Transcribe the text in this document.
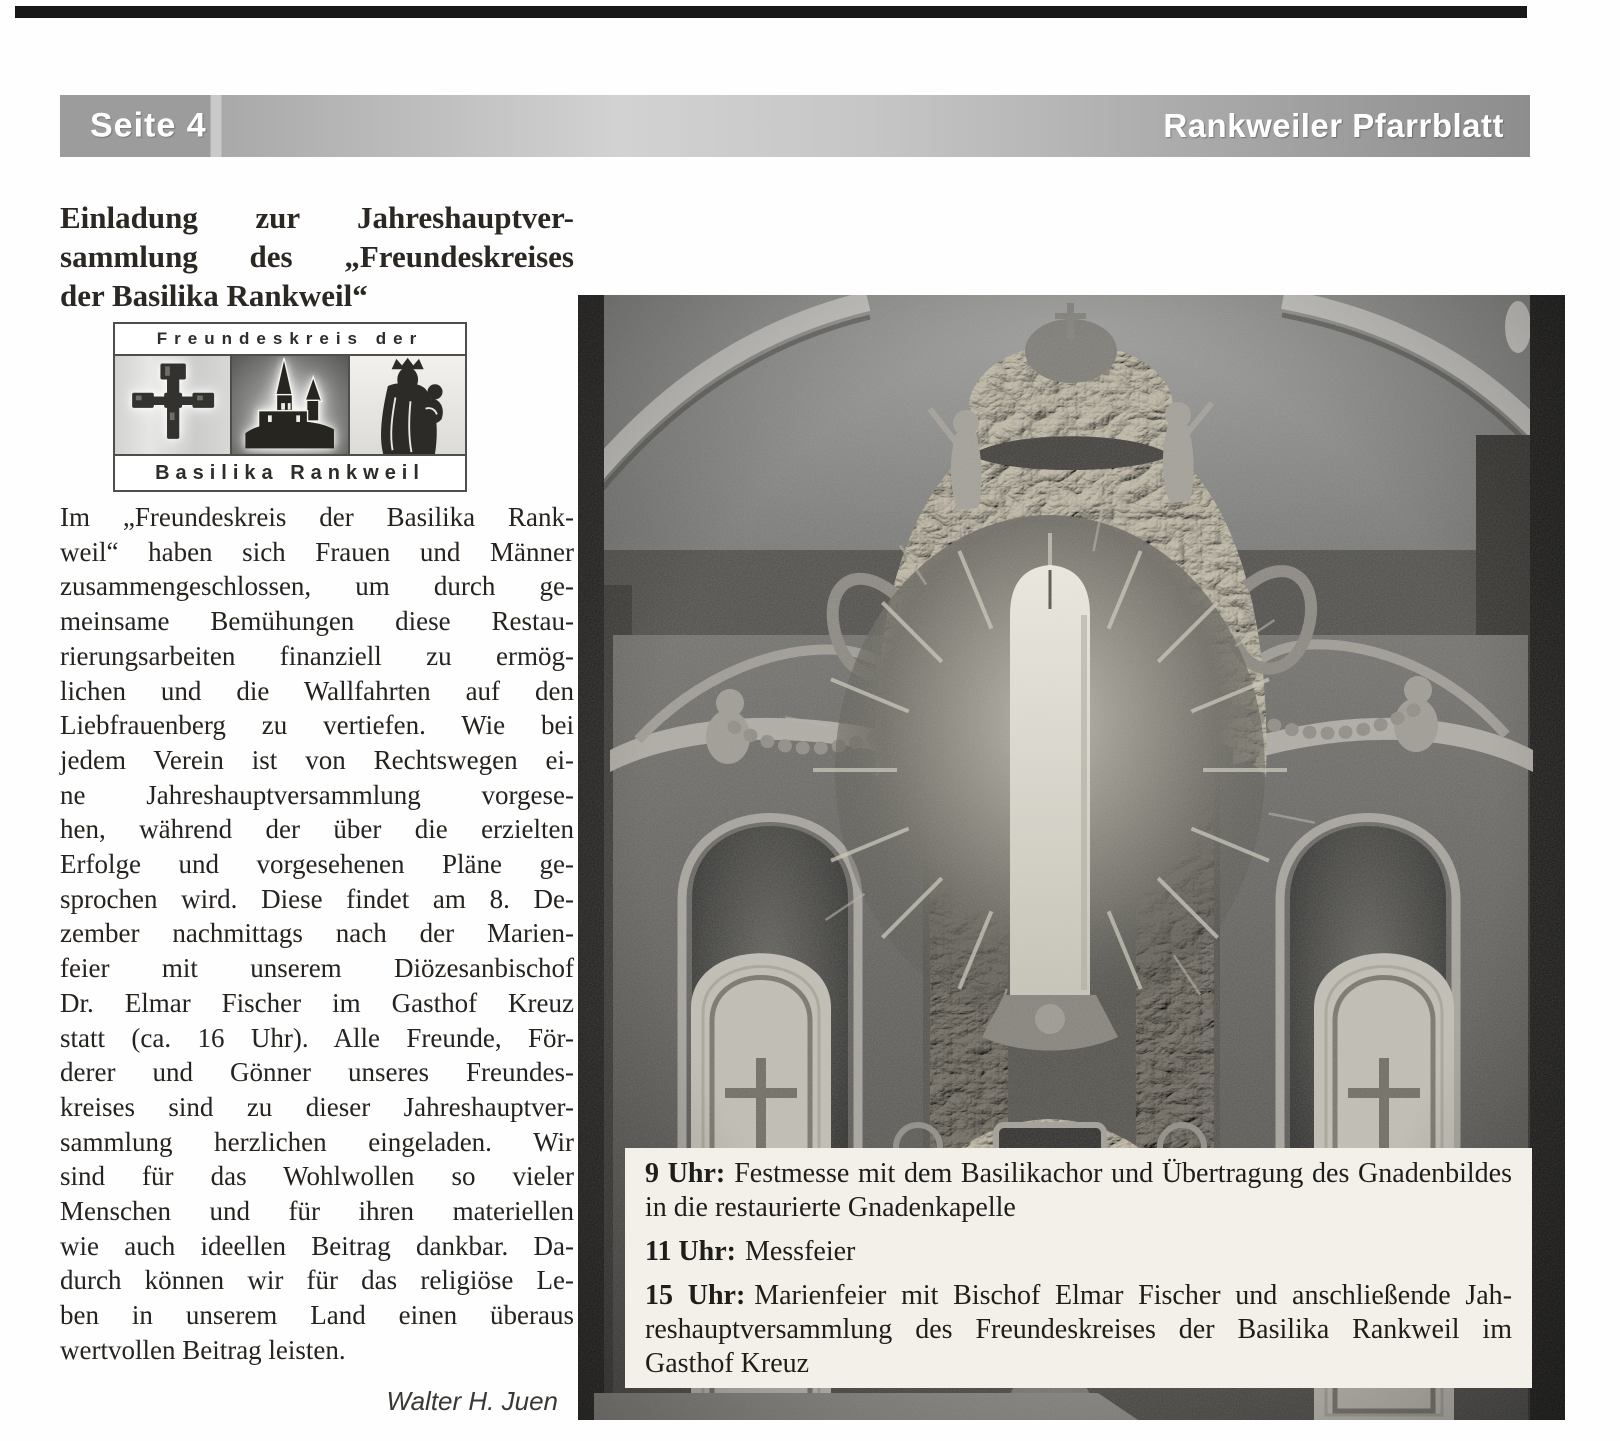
Seite 4	Rankweiler Pfarrblatt
Einladung zur Jahreshauptver-
sammlung des „Freundeskreises
der Basilika Rankweil“
Freundeskreis der
Basilika Rankweil
Im „Freundeskreis der Basilika Rank-
weil“ haben sich Frauen und Männer
zusammengeschlossen, um durch ge-
meinsame Bemühungen diese Restau-
rierungsarbeiten finanziell zu ermög-
lichen und die Wallfahrten auf den
Liebfrauenberg zu vertiefen. Wie bei
jedem Verein ist von Rechtswegen ei-
ne Jahreshauptversammlung vorgese-
hen, während der über die erzielten
Erfolge und vorgesehenen Pläne ge-
sprochen wird. Diese findet am 8. De-
zember nachmittags nach der Marien-
feier mit unserem Diözesanbischof
Dr. Elmar Fischer im Gasthof Kreuz
statt (ca. 16 Uhr). Alle Freunde, För-
derer und Gönner unseres Freundes-
kreises sind zu dieser Jahreshauptver-
sammlung herzlichen eingeladen. Wir
sind für das Wohlwollen so vieler
Menschen und für ihren materiellen
wie auch ideellen Beitrag dankbar. Da-
durch können wir für das religiöse Le-
ben in unserem Land einen überaus
wertvollen Beitrag leisten.
Walter H. Juen

9 Uhr: Festmesse mit dem Basilikachor und Übertragung des Gnadenbildes in die restaurierte Gnadenkapelle

11 Uhr: Messfeier

15 Uhr: Marienfeier mit Bischof Elmar Fischer und anschließende Jahreshauptversammlung des Freundeskreises der Basilika Rankweil im Gasthof Kreuz
